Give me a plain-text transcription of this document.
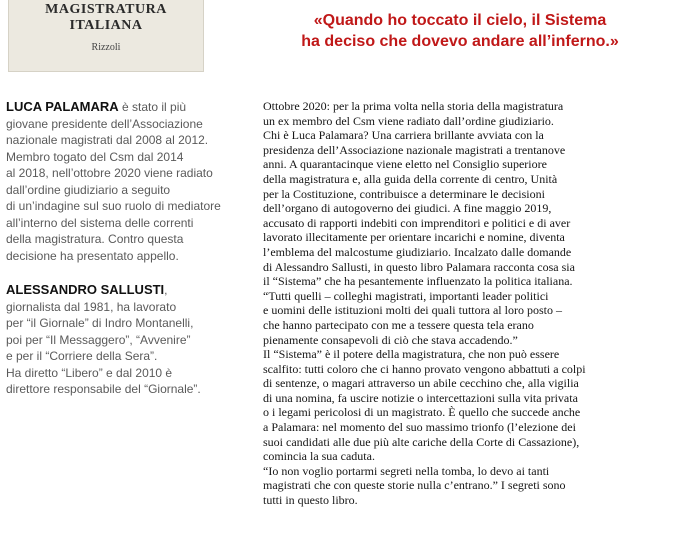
MAGISTRATURA ITALIANA
Rizzoli
«Quando ho toccato il cielo, il Sistema
ha deciso che dovevo andare all’inferno.»
LUCA PALAMARA è stato il più
giovane presidente dell’Associazione
nazionale magistrati dal 2008 al 2012.
Membro togato del Csm dal 2014
al 2018, nell’ottobre 2020 viene radiato
dall’ordine giudiziario a seguito
di un’indagine sul suo ruolo di mediatore
all’interno del sistema delle correnti
della magistratura. Contro questa
decisione ha presentato appello.
ALESSANDRO SALLUSTI,
giornalista dal 1981, ha lavorato
per “il Giornale” di Indro Montanelli,
poi per “Il Messaggero”, “Avvenire”
e per il “Corriere della Sera”.
Ha diretto “Libero” e dal 2010 è
direttore responsabile del “Giornale”.
Ottobre 2020: per la prima volta nella storia della magistratura
un ex membro del Csm viene radiato dall’ordine giudiziario.
Chi è Luca Palamara? Una carriera brillante avviata con la
presidenza dell’Associazione nazionale magistrati a trentanove
anni. A quarantacinque viene eletto nel Consiglio superiore
della magistratura e, alla guida della corrente di centro, Unità
per la Costituzione, contribuisce a determinare le decisioni
dell’organo di autogoverno dei giudici. A fine maggio 2019,
accusato di rapporti indebiti con imprenditori e politici e di aver
lavorato illecitamente per orientare incarichi e nomine, diventa
l’emblema del malcostume giudiziario. Incalzato dalle domande
di Alessandro Sallusti, in questo libro Palamara racconta cosa sia
il “Sistema” che ha pesantemente influenzato la politica italiana.
“Tutti quelli – colleghi magistrati, importanti leader politici
e uomini delle istituzioni molti dei quali tuttora al loro posto –
che hanno partecipato con me a tessere questa tela erano
pienamente consapevoli di ciò che stava accadendo.”
Il “Sistema” è il potere della magistratura, che non può essere
scalfito: tutti coloro che ci hanno provato vengono abbattuti a colpi
di sentenze, o magari attraverso un abile cecchino che, alla vigilia
di una nomina, fa uscire notizie o intercettazioni sulla vita privata
o i legami pericolosi di un magistrato. È quello che succede anche
a Palamara: nel momento del suo massimo trionfo (l’elezione dei
suoi candidati alle due più alte cariche della Corte di Cassazione),
comincia la sua caduta.
“Io non voglio portarmi segreti nella tomba, lo devo ai tanti
magistrati che con queste storie nulla c’entrano.” I segreti sono
tutti in questo libro.
